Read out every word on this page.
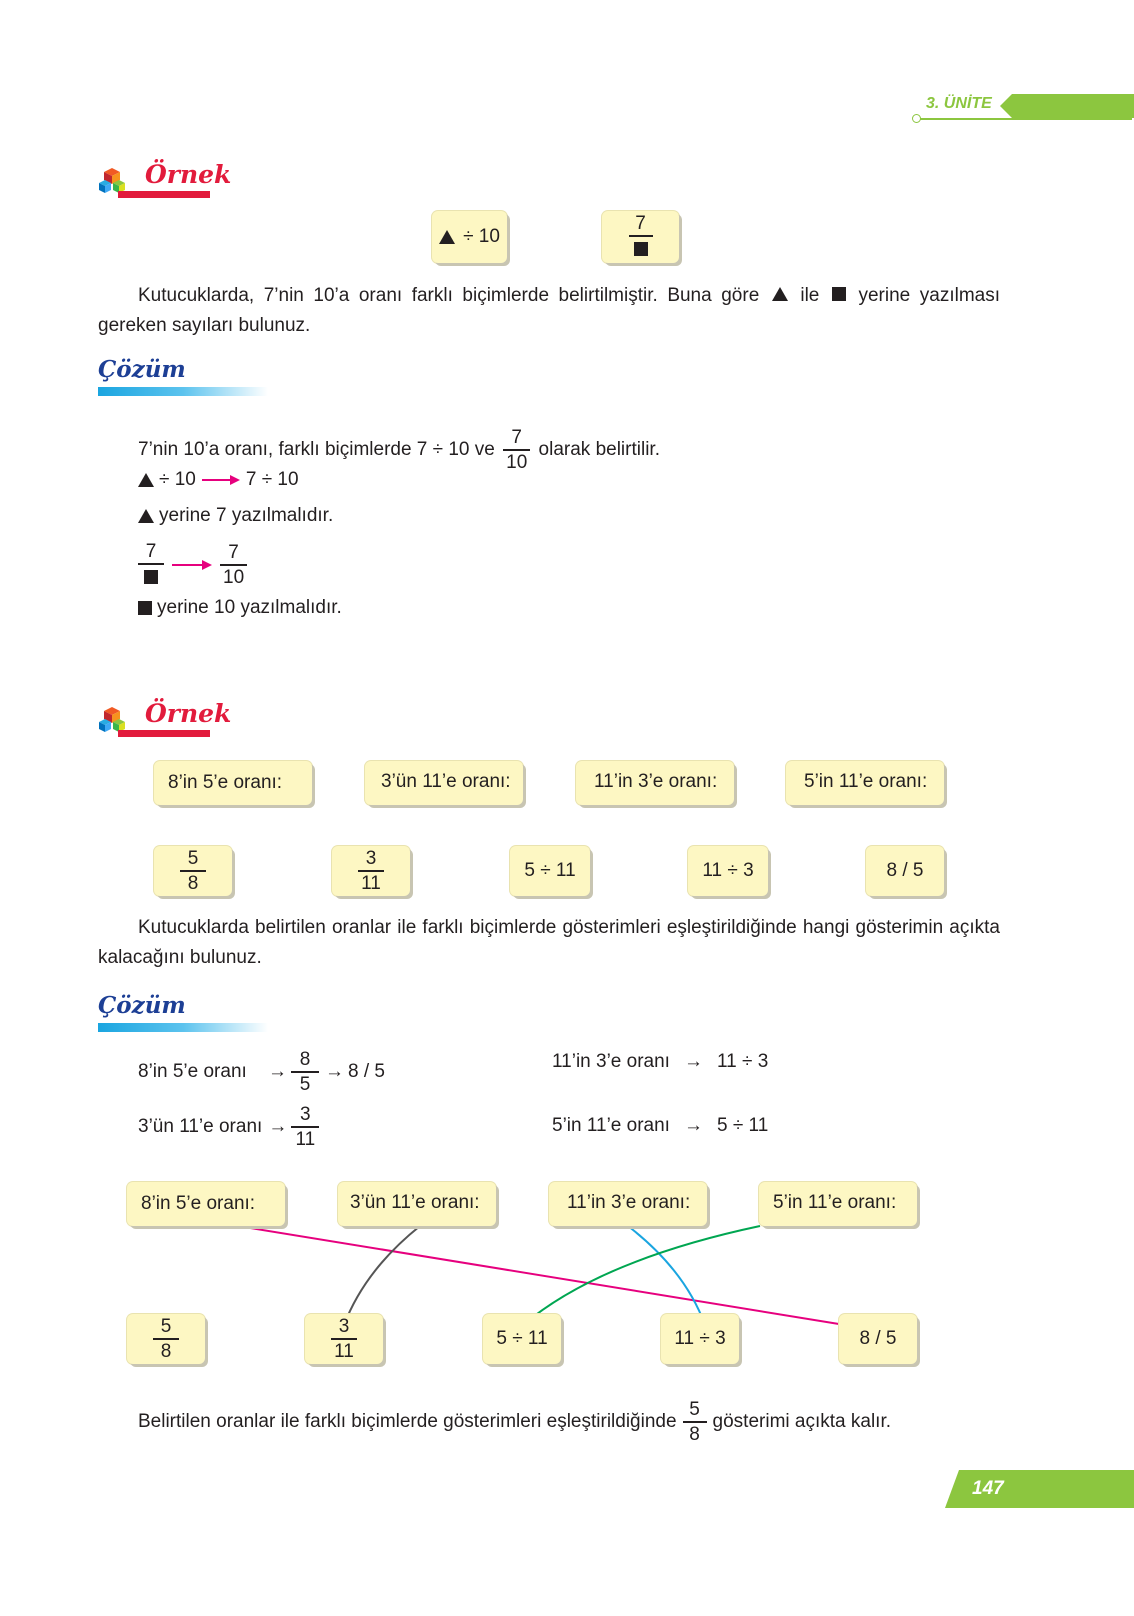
3. ÜNİTE
Örnek
÷ 10
7
Kutucuklarda, 7’nin 10’a oranı farklı biçimlerde belirtilmiştir. Buna göre ile yerine yazılması gereken sayıları bulunuz.
Çözüm
7’nin 10’a oranı, farklı biçimlerde 7 ÷ 10 ve $\frac{7}{10}$ olarak belirtilir.
÷ 10	7 ÷ 10
yerine 7 yazılmalıdır.
7	$\frac{7}{10}$
yerine 10 yazılmalıdır.
Örnek
8’in 5’e oranı:	3’ün 11’e oranı:	11’in 3’e oranı:	5’in 11’e oranı:
$\frac{5}{8}$	$\frac{3}{11}$	5 ÷ 11	11 ÷ 3	8 / 5
Kutucuklarda belirtilen oranlar ile farklı biçimlerde gösterimleri eşleştirildiğinde hangi gösterimin açıkta kalacağını bulunuz.
Çözüm
8’in 5’e oranı	→ $\frac{8}{5} \to 8 / 5$
3’ün 11’e oranı → $\frac{3}{11}$
11’in 3’e oranı → 11 ÷ 3
5’in 11’e oranı → 5 ÷ 11
8’in 5’e oranı:	3’ün 11’e oranı:	11’in 3’e oranı:	5’in 11’e oranı:
$\frac{5}{8}$	$\frac{3}{11}$	5 ÷ 11	11 ÷ 3	8 / 5
Belirtilen oranlar ile farklı biçimlerde gösterimleri eşleştirildiğinde $\frac{5}{8}$ gösterimi açıkta kalır.
147
